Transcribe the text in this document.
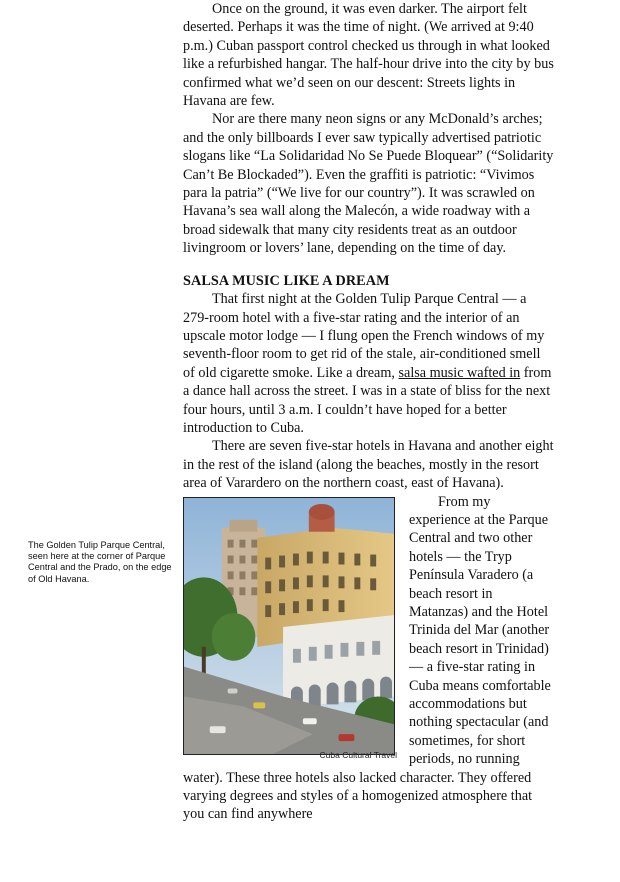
The Golden Tulip Parque Central, seen here at the corner of Parque Central and the Prado, on the edge of Old Havana.

Once on the ground, it was even darker. The airport felt deserted. Perhaps it was the time of night. (We arrived at 9:40 p.m.) Cuban passport control checked us through in what looked like a refurbished hangar. The half-hour drive into the city by bus confirmed what we’d seen on our descent: Streets lights in Havana are few.

Nor are there many neon signs or any McDonald’s arches; and the only billboards I ever saw typically advertised patriotic slogans like “La Solidaridad No Se Puede Bloquear” (“Solidarity Can’t Be Blockaded”). Even the graffiti is patriotic: “Vivimos para la patria” (“We live for our country”). It was scrawled on Havana’s sea wall along the Malecón, a wide roadway with a broad sidewalk that many city residents treat as an outdoor livingroom or lovers’ lane, depending on the time of day.

SALSA MUSIC LIKE A DREAM

That first night at the Golden Tulip Parque Central — a 279-room hotel with a five-star rating and the interior of an upscale motor lodge — I flung open the French windows of my seventh-floor room to get rid of the stale, air-conditioned smell of old cigarette smoke. Like a dream, salsa music wafted in from a dance hall across the street. I was in a state of bliss for the next four hours, until 3 a.m. I couldn’t have hoped for a better introduction to Cuba.

There are seven five-star hotels in Havana and another eight in the rest of the island (along the beaches, mostly in the resort area of Varardero on the northern coast, east of Havana).

Cuba Cultural Travel

From my experience at the Parque Central and two other hotels — the Tryp Península Varadero (a beach resort in Matanzas) and the Hotel Trinida del Mar (another beach resort in Trinidad) — a five-star rating in Cuba means comfortable accommodations but nothing spectacular (and sometimes, for short periods, no running water). These three hotels also lacked character. They offered varying degrees and styles of a homogenized atmosphere that you can find anywhere
